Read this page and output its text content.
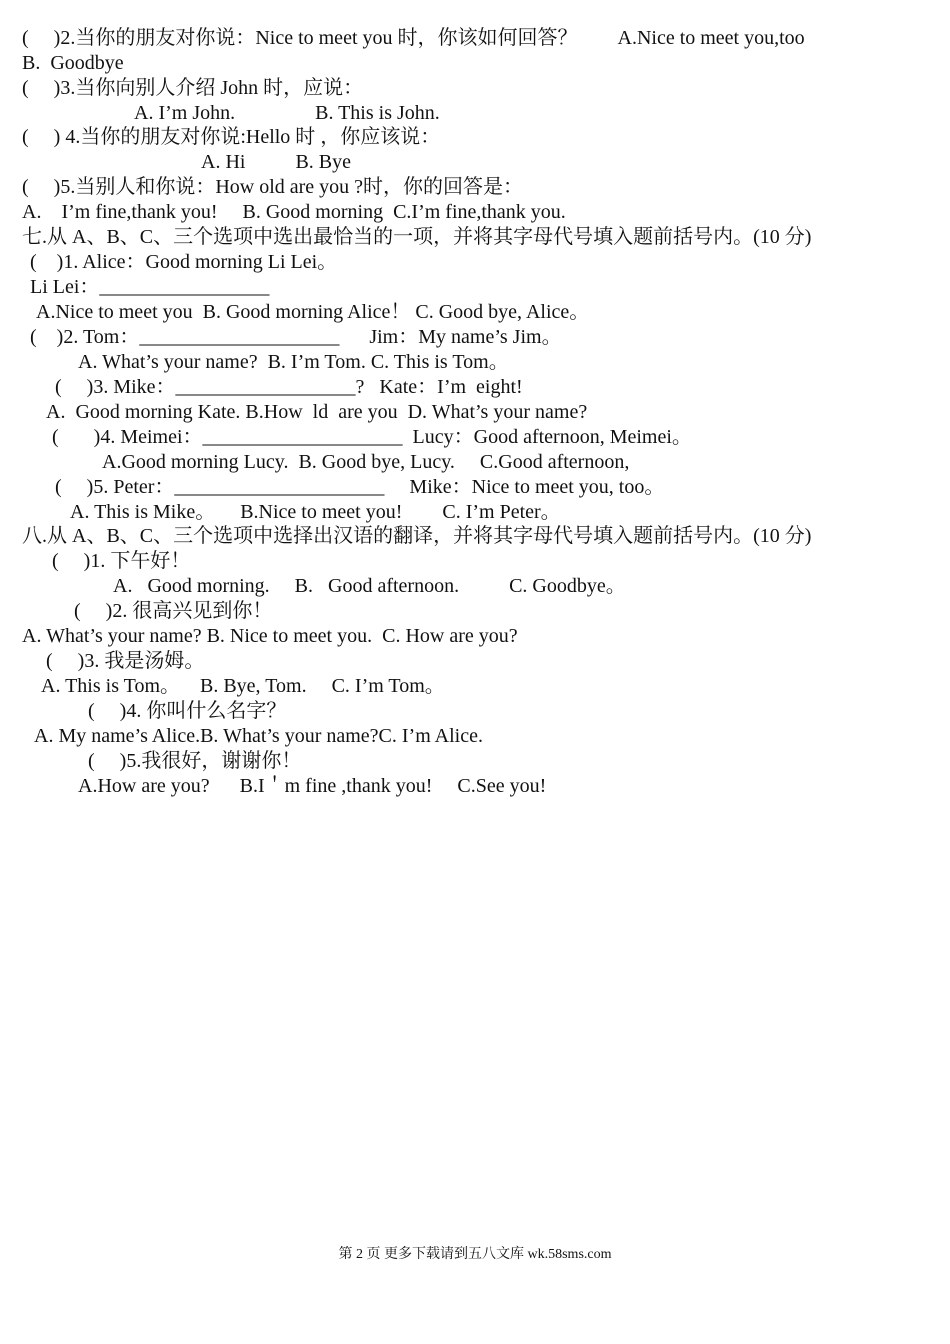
(     )2.当你的朋友对你说：Nice to meet you 时，你该如何回答？        A.Nice to meet you,too
B.  Goodbye
(     )3.当你向别人介绍 John 时，应说：
A. I’m John.                B. This is John.
(     ) 4.当你的朋友对你说:Hello 时 ，你应该说：
A. Hi          B. Bye
(     )5.当别人和你说：How old are you ?时，你的回答是：
A.    I’m fine,thank you!     B. Good morning  C.I’m fine,thank you.
七.从 A、B、C、三个选项中选出最恰当的一项，并将其字母代号填入题前括号内。(10 分)
(    )1. Alice：Good morning Li Lei。
Li Lei：_________________
A.Nice to meet you  B. Good morning Alice！ C. Good bye, Alice。
(    )2. Tom：____________________      Jim：My name’s Jim。
A. What’s your name?  B. I’m Tom. C. This is Tom。
(     )3. Mike：__________________?   Kate：I’m  eight!
A.  Good morning Kate. B.How  ld  are you  D. What’s your name?
(       )4. Meimei：____________________  Lucy：Good afternoon, Meimei。
A.Good morning Lucy.  B. Good bye, Lucy.     C.Good afternoon,
(     )5. Peter：_____________________     Mike：Nice to meet you, too。
A. This is Mike。     B.Nice to meet you!        C. I’m Peter。
八.从 A、B、C、三个选项中选择出汉语的翻译，并将其字母代号填入题前括号内。(10 分)
(     )1. 下午好！
A.   Good morning.     B.   Good afternoon.          C. Goodbye。
(     )2. 很高兴见到你！
A. What’s your name? B. Nice to meet you.  C. How are you?
(     )3. 我是汤姆。
A. This is Tom。    B. Bye, Tom.     C. I’m Tom。
(     )4. 你叫什么名字？
A. My name’s Alice.B. What’s your name?C. I’m Alice.
(     )5.我很好，谢谢你！
A.How are you?      B.I＇m fine ,thank you!     C.See you!
第 2 页 更多下载请到五八文库 wk.58sms.com
